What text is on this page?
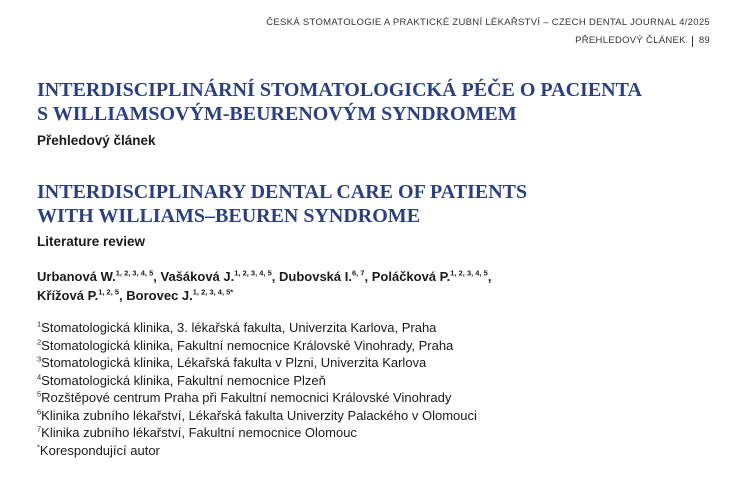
ČESKÁ STOMATOLOGIE A PRAKTICKÉ ZUBNÍ LÉKAŘSTVÍ – CZECH DENTAL JOURNAL 4/2025
PŘEHLEDOVÝ ČLÁNEK 89
INTERDISCIPLINÁRNÍ STOMATOLOGICKÁ PÉČE O PACIENTA
S WILLIAMSOVÝM-BEURENOVÝM SYNDROMEM

Přehledový článek

INTERDISCIPLINARY DENTAL CARE OF PATIENTS
WITH WILLIAMS–BEUREN SYNDROME

Literature review

Urbanová W.$^{1, 2, 3, 4, 5}$, Vašáková J.$^{1, 2, 3, 4, 5}$, Dubovská I.$^{6, 7}$, Poláčková P.$^{1, 2, 3, 4, 5}$,
Křížová P.$^{1, 2, 5}$, Borovec J.$^{1, 2, 3, 4, 5*}$
$^1$Stomatologická klinika, 3. lékařská fakulta, Univerzita Karlova, Praha
$^2$Stomatologická klinika, Fakultní nemocnice Královské Vinohrady, Praha
$^3$Stomatologická klinika, Lékařská fakulta v Plzni, Univerzita Karlova
$^4$Stomatologická klinika, Fakultní nemocnice Plzeň
$^5$Rozštěpové centrum Praha při Fakultní nemocnici Královské Vinohrady
$^6$Klinika zubního lékařství, Lékařská fakulta Univerzity Palackého v Olomouci
$^7$Klinika zubního lékařství, Fakultní nemocnice Olomouc
*Korespondující autor
